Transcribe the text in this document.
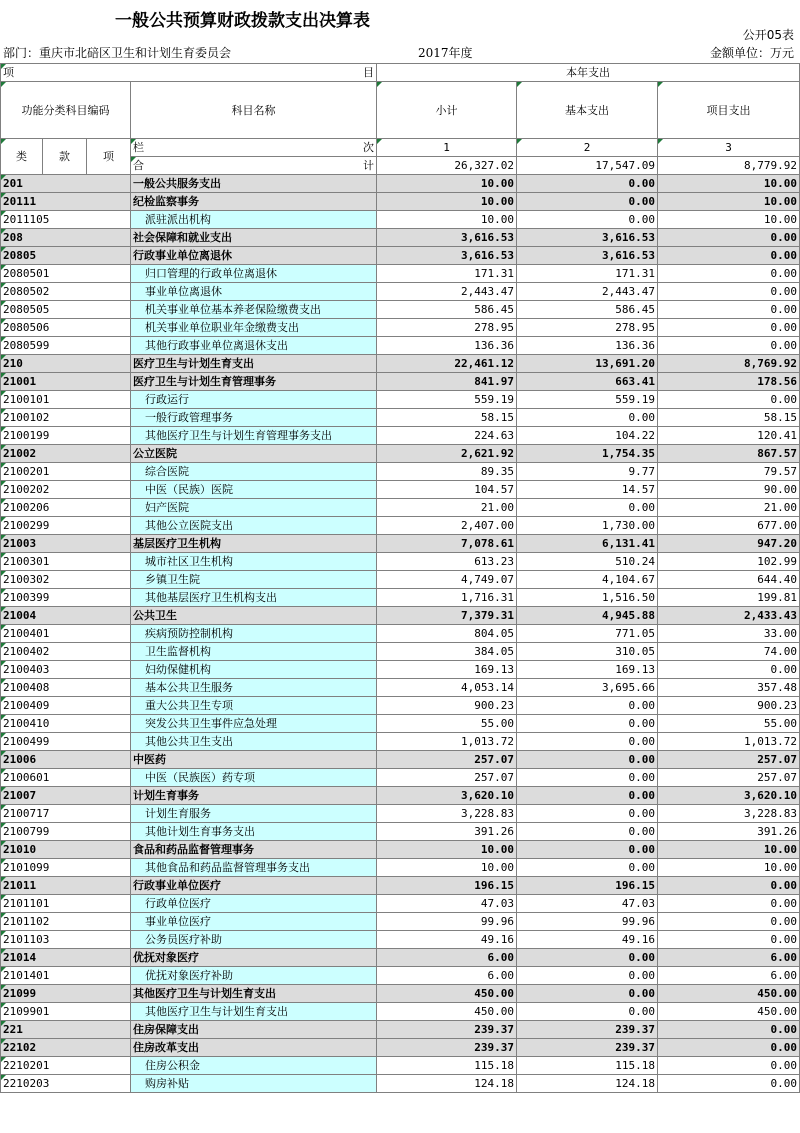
一般公共预算财政拨款支出决算表
公开05表
部门：重庆市北碚区卫生和计划生育委员会	2017年度	金额单位：万元
项 目				本年支出		
功能分类科目编码			科目名称	小计	基本支出	项目支出

类	款	项	栏 次	1	2	3

			合 计	26,327.02	17,547.09	8,779.92
201			一般公共服务支出	10.00	0.00	10.00
20111			纪检监察事务	10.00	0.00	10.00
2011105			派驻派出机构	10.00	0.00	10.00
208			社会保障和就业支出	3,616.53	3,616.53	0.00
20805			行政事业单位离退休	3,616.53	3,616.53	0.00
2080501			归口管理的行政单位离退休	171.31	171.31	0.00
2080502			事业单位离退休	2,443.47	2,443.47	0.00
2080505			机关事业单位基本养老保险缴费支出	586.45	586.45	0.00
2080506			机关事业单位职业年金缴费支出	278.95	278.95	0.00
2080599			其他行政事业单位离退休支出	136.36	136.36	0.00
210			医疗卫生与计划生育支出	22,461.12	13,691.20	8,769.92
21001			医疗卫生与计划生育管理事务	841.97	663.41	178.56
2100101			行政运行	559.19	559.19	0.00
2100102			一般行政管理事务	58.15	0.00	58.15
2100199			其他医疗卫生与计划生育管理事务支出	224.63	104.22	120.41
21002			公立医院	2,621.92	1,754.35	867.57
2100201			综合医院	89.35	9.77	79.57
2100202			中医（民族）医院	104.57	14.57	90.00
2100206			妇产医院	21.00	0.00	21.00
2100299			其他公立医院支出	2,407.00	1,730.00	677.00
21003			基层医疗卫生机构	7,078.61	6,131.41	947.20
2100301			城市社区卫生机构	613.23	510.24	102.99
2100302			乡镇卫生院	4,749.07	4,104.67	644.40
2100399			其他基层医疗卫生机构支出	1,716.31	1,516.50	199.81
21004			公共卫生	7,379.31	4,945.88	2,433.43
2100401			疾病预防控制机构	804.05	771.05	33.00
2100402			卫生监督机构	384.05	310.05	74.00
2100403			妇幼保健机构	169.13	169.13	0.00
2100408			基本公共卫生服务	4,053.14	3,695.66	357.48
2100409			重大公共卫生专项	900.23	0.00	900.23
2100410			突发公共卫生事件应急处理	55.00	0.00	55.00
2100499			其他公共卫生支出	1,013.72	0.00	1,013.72
21006			中医药	257.07	0.00	257.07
2100601			中医（民族医）药专项	257.07	0.00	257.07
21007			计划生育事务	3,620.10	0.00	3,620.10
2100717			计划生育服务	3,228.83	0.00	3,228.83
2100799			其他计划生育事务支出	391.26	0.00	391.26
21010			食品和药品监督管理事务	10.00	0.00	10.00
2101099			其他食品和药品监督管理事务支出	10.00	0.00	10.00
21011			行政事业单位医疗	196.15	196.15	0.00
2101101			行政单位医疗	47.03	47.03	0.00
2101102			事业单位医疗	99.96	99.96	0.00
2101103			公务员医疗补助	49.16	49.16	0.00
21014			优抚对象医疗	6.00	0.00	6.00
2101401			优抚对象医疗补助	6.00	0.00	6.00
21099			其他医疗卫生与计划生育支出	450.00	0.00	450.00
2109901			其他医疗卫生与计划生育支出	450.00	0.00	450.00
221			住房保障支出	239.37	239.37	0.00
22102			住房改革支出	239.37	239.37	0.00
2210201			住房公积金	115.18	115.18	0.00
2210203			购房补贴	124.18	124.18	0.00
